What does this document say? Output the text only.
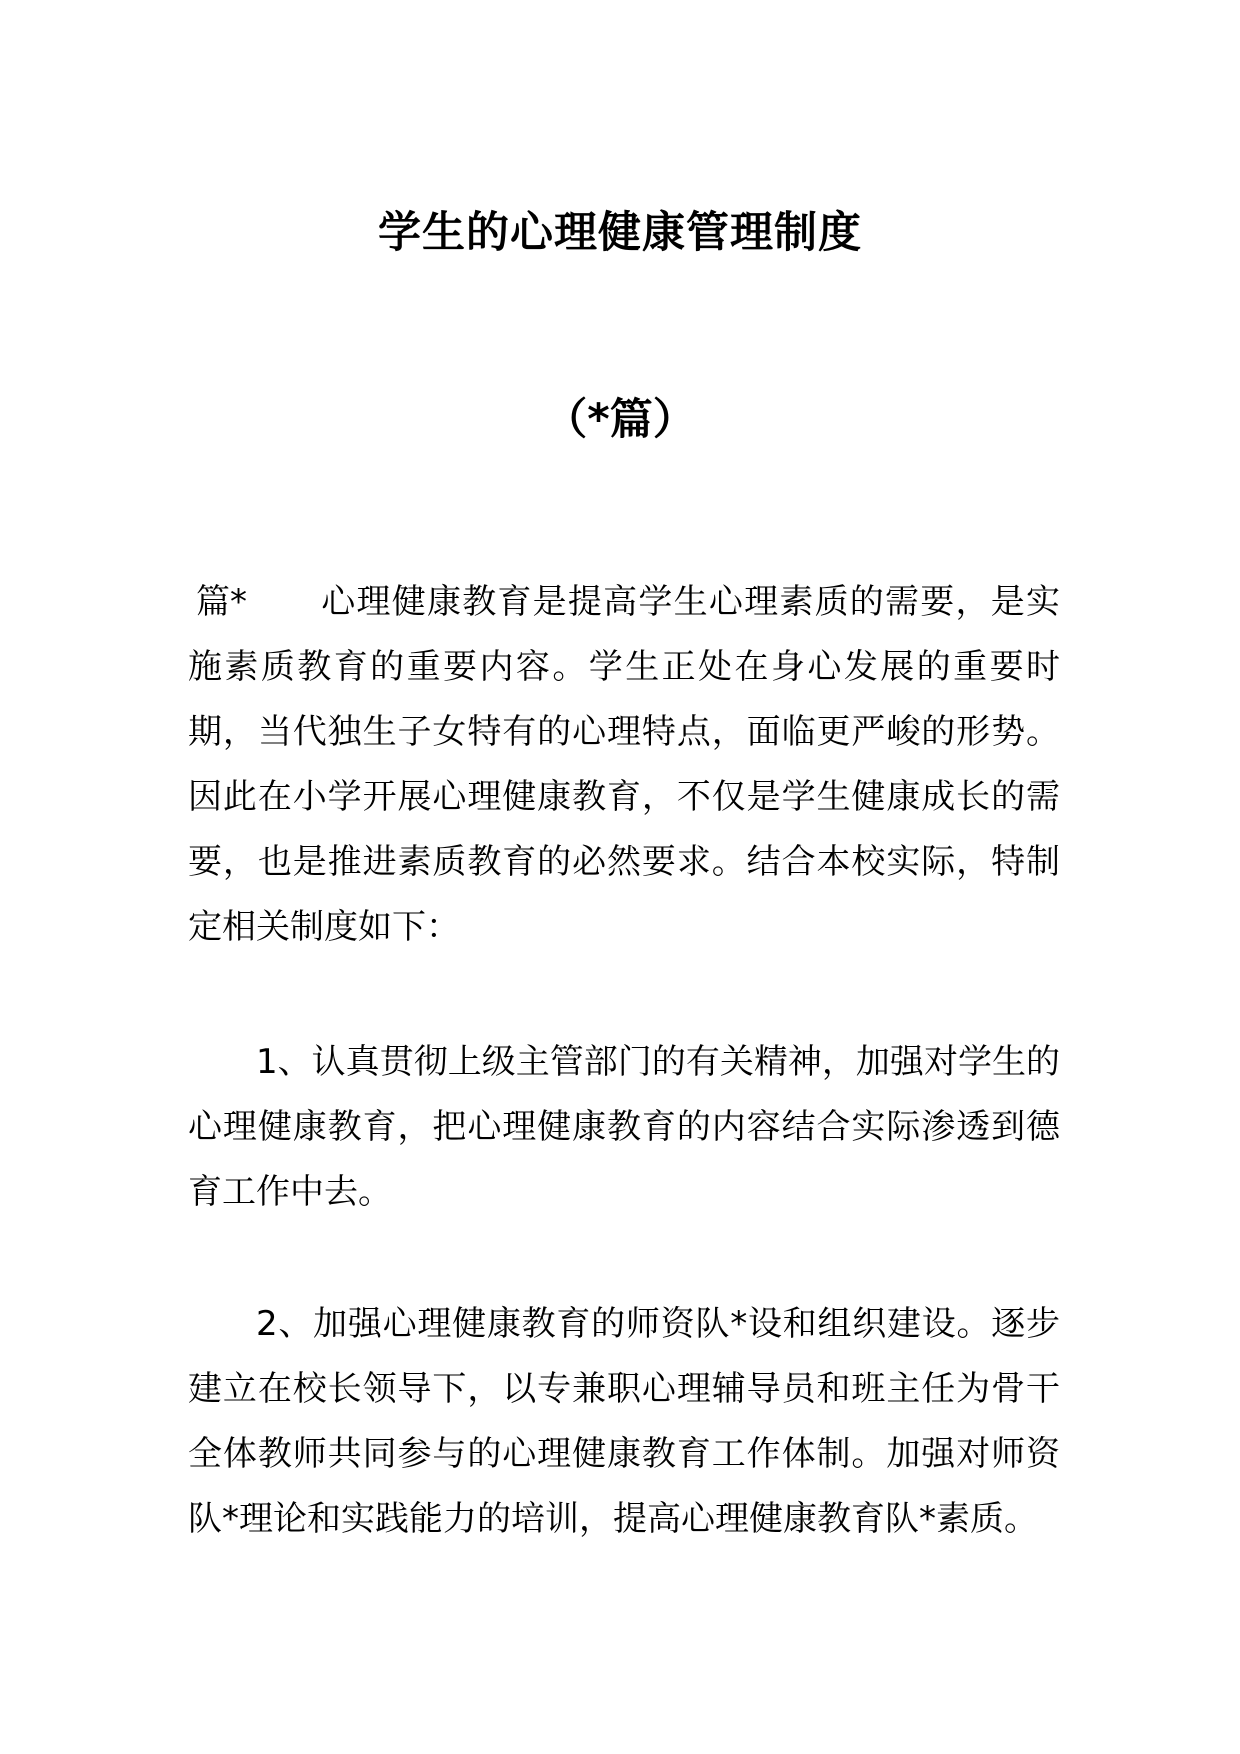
学生的心理健康管理制度
（*篇）

篇* 心理健康教育是提高学生心理素质的需要，是实施素质教育的重要内容。学生正处在身心发展的重要时期，当代独生子女特有的心理特点，面临更严峻的形势。因此在小学开展心理健康教育，不仅是学生健康成长的需要，也是推进素质教育的必然要求。结合本校实际，特制定相关制度如下：

1、认真贯彻上级主管部门的有关精神，加强对学生的心理健康教育，把心理健康教育的内容结合实际渗透到德育工作中去。

2、加强心理健康教育的师资队*设和组织建设。逐步建立在校长领导下，以专兼职心理辅导员和班主任为骨干全体教师共同参与的心理健康教育工作体制。加强对师资队*理论和实践能力的培训，提高心理健康教育队*素质。
